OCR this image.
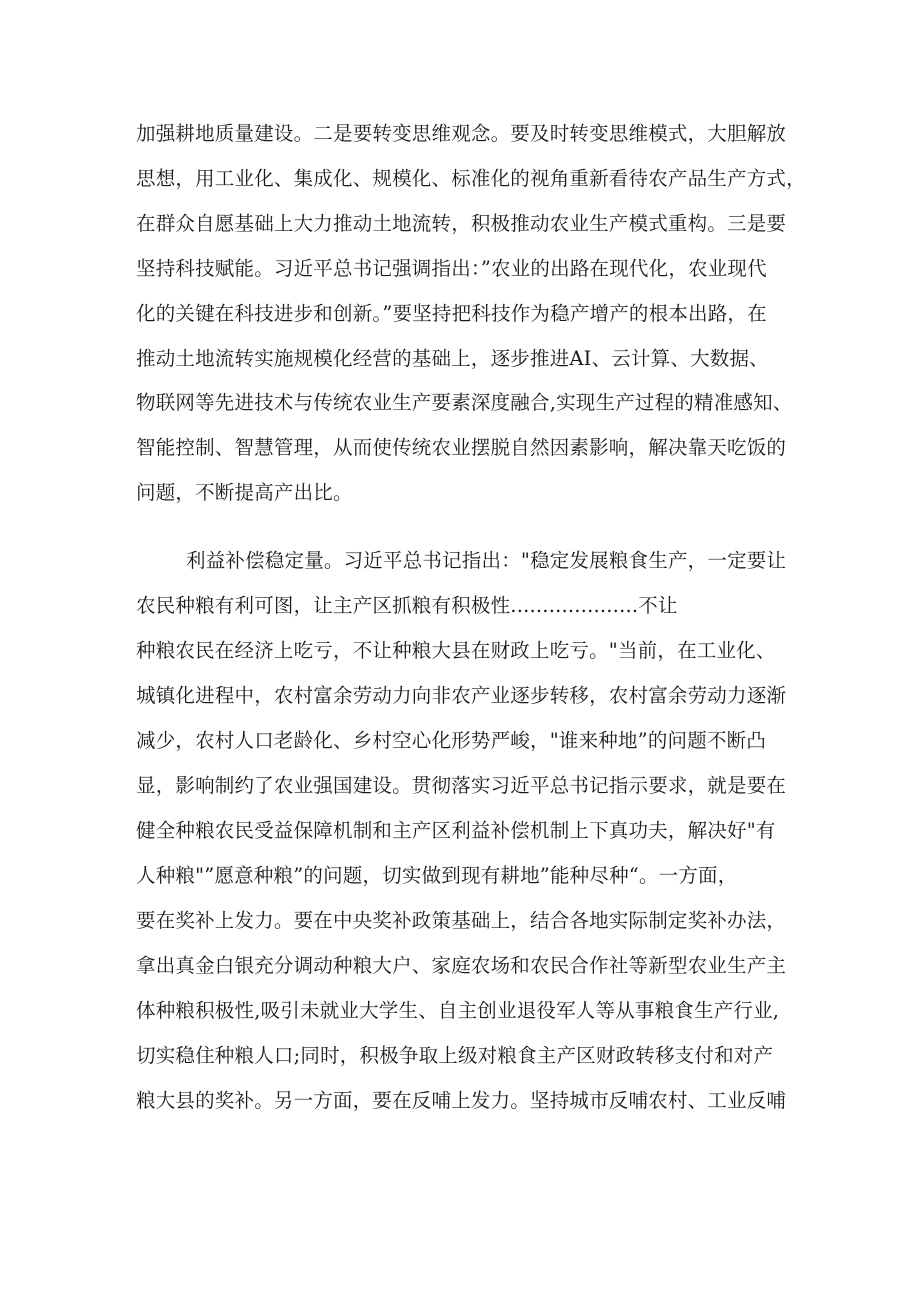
加强耕地质量建设。二是要转变思维观念。要及时转变思维模式，大胆解放
思想，用工业化、集成化、规模化、标准化的视角重新看待农产品生产方式，
在群众自愿基础上大力推动土地流转，积极推动农业生产模式重构。三是要
坚持科技赋能。习近平总书记强调指出：”农业的出路在现代化，农业现代
化的关键在科技进步和创新。”要坚持把科技作为稳产增产的根本出路，在
推动土地流转实施规模化经营的基础上，逐步推进AI、云计算、大数据、
物联网等先进技术与传统农业生产要素深度融合,实现生产过程的精准感知、
智能控制、智慧管理，从而使传统农业摆脱自然因素影响，解决靠天吃饭的
问题，不断提高产出比。
利益补偿稳定量。习近平总书记指出："稳定发展粮食生产，一定要让
农民种粮有利可图，让主产区抓粮有积极性....................不让
种粮农民在经济上吃亏，不让种粮大县在财政上吃亏。"当前，在工业化、
城镇化进程中，农村富余劳动力向非农产业逐步转移，农村富余劳动力逐渐
减少，农村人口老龄化、乡村空心化形势严峻，"谁来种地”的问题不断凸
显，影响制约了农业强国建设。贯彻落实习近平总书记指示要求，就是要在
健全种粮农民受益保障机制和主产区利益补偿机制上下真功夫，解决好"有
人种粮"”愿意种粮”的问题，切实做到现有耕地”能种尽种“。一方面，
要在奖补上发力。要在中央奖补政策基础上，结合各地实际制定奖补办法，
拿出真金白银充分调动种粮大户、家庭农场和农民合作社等新型农业生产主
体种粮积极性,吸引未就业大学生、自主创业退役军人等从事粮食生产行业,
切实稳住种粮人口;同时，积极争取上级对粮食主产区财政转移支付和对产
粮大县的奖补。另一方面，要在反哺上发力。坚持城市反哺农村、工业反哺
